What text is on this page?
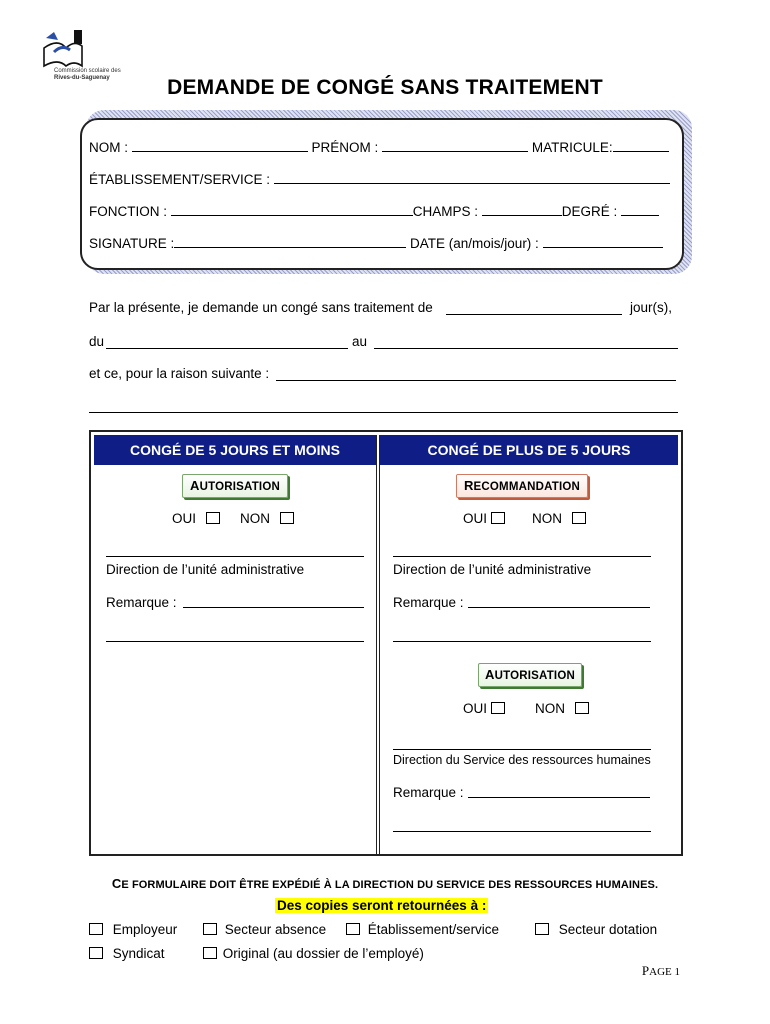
Commission scolaire des
Rives-du-Saguenay	DEMANDE DE CONGÉ SANS TRAITEMENT
NOM :	PRÉNOM :	MATRICULE:
ÉTABLISSEMENT/SERVICE :
FONCTION :	CHAMPS :	DEGRÉ :
SIGNATURE :	DATE (an/mois/jour) :
Par la présente, je demande un congé sans traitement de	jour(s),
du	au
et ce, pour la raison suivante :
CONGÉ DE 5 JOURS ET MOINS	CONGÉ DE PLUS DE 5 JOURS
AUTORISATION
OUI	NON
Direction de l’unité administrative
Remarque :
RECOMMANDATION
OUI	NON
Direction de l’unité administrative
Remarque :
AUTORISATION
OUI	NON
Direction du Service des ressources humaines
Remarque :
CE FORMULAIRE DOIT ÊTRE EXPÉDIÉ À LA DIRECTION DU SERVICE DES RESSOURCES HUMAINES.
Des copies seront retournées à :
Employeur	Secteur absence	Établissement/service	Secteur dotation
Syndicat	Original (au dossier de l’employé)
PAGE 1
